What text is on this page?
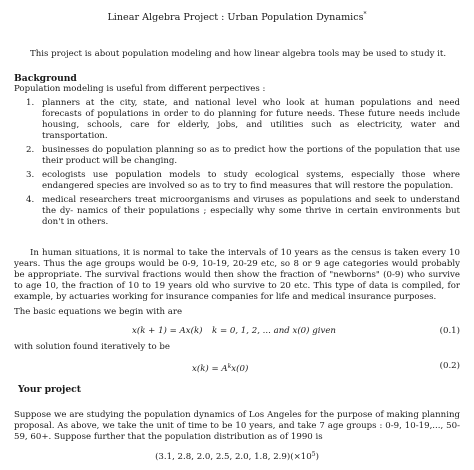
Linear Algebra Project : Urban Population Dynamics*

This project is about population modeling and how linear algebra tools may be used to study it.

Background

Population modeling is useful from different perpectives :

1. planners at the city, state, and national level who look at human populations and need forecasts of populations in order to do planning for future needs. These future needs include housing, schools, care for elderly, jobs, and utilities such as electricity, water and transportation.
2. businesses do population planning so as to predict how the portions of the population that use their product will be changing.
3. ecologists use population models to study ecological systems, especially those where endangered species are involved so as to try to find measures that will restore the population.
4. medical researchers treat microorganisms and viruses as populations and seek to understand the dy- namics of their populations ; especially why some thrive in certain environments but don't in others.

In human situations, it is normal to take the intervals of 10 years as the census is taken every 10 years. Thus the age groups would be 0-9, 10-19, 20-29 etc, so 8 or 9 age categories would probably be appropriate. The survival fractions would then show the fraction of "newborns" (0-9) who survive to age 10, the fraction of 10 to 19 years old who survive to 20 etc. This type of data is compiled, for example, by actuaries working for insurance companies for life and medical insurance purposes.

The basic equations we begin with are

x(k + 1) = Ax(k) k = 0, 1, 2, ... and x(0) given	(0.1)

with solution found iteratively to be

$x(k) = A^kx(0)$	(0.2)
Your project

Suppose we are studying the population dynamics of Los Angeles for the purpose of making planning proposal. As above, we take the unit of time to be 10 years, and take 7 age groups : 0-9, 10-19,..., 50-59, 60+. Suppose further that the population distribution as of 1990 is

(3.1, 2.8, 2.0, 2.5, 2.0, 1.8, $2.9)(\times 10^5)$
